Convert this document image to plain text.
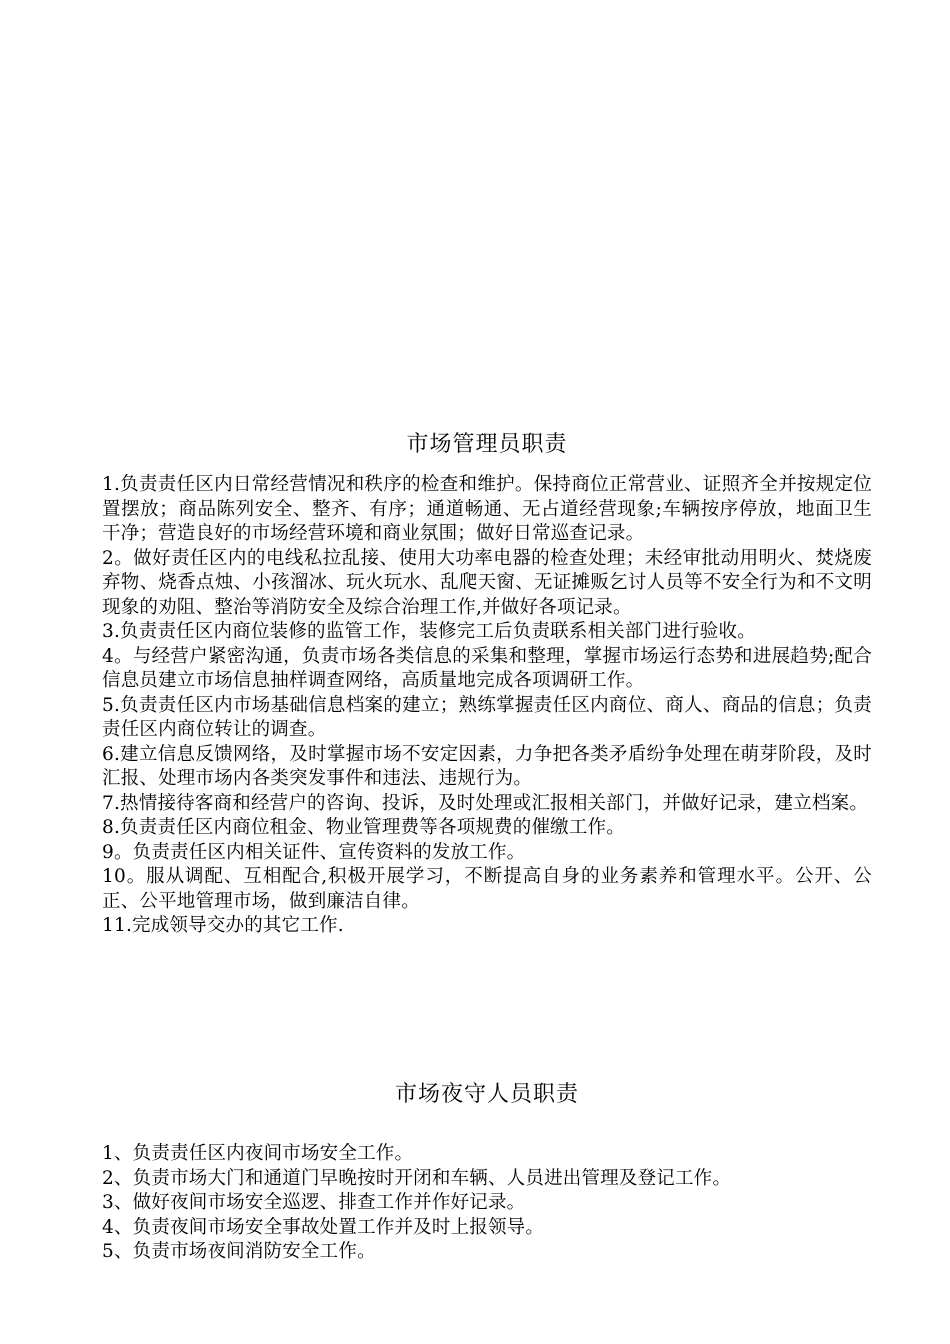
市场管理员职责

1.负责责任区内日常经营情况和秩序的检查和维护。保持商位正常营业、证照齐全并按规定位置摆放；商品陈列安全、整齐、有序；通道畅通、无占道经营现象;车辆按序停放，地面卫生干净；营造良好的市场经营环境和商业氛围；做好日常巡查记录。

2。做好责任区内的电线私拉乱接、使用大功率电器的检查处理；未经审批动用明火、焚烧废弃物、烧香点烛、小孩溜冰、玩火玩水、乱爬天窗、无证摊贩乞讨人员等不安全行为和不文明现象的劝阻、整治等消防安全及综合治理工作,并做好各项记录。

3.负责责任区内商位装修的监管工作，装修完工后负责联系相关部门进行验收。

4。与经营户紧密沟通，负责市场各类信息的采集和整理，掌握市场运行态势和进展趋势;配合信息员建立市场信息抽样调查网络，高质量地完成各项调研工作。

5.负责责任区内市场基础信息档案的建立；熟练掌握责任区内商位、商人、商品的信息；负责责任区内商位转让的调查。

6.建立信息反馈网络，及时掌握市场不安定因素，力争把各类矛盾纷争处理在萌芽阶段，及时汇报、处理市场内各类突发事件和违法、违规行为。

7.热情接待客商和经营户的咨询、投诉，及时处理或汇报相关部门，并做好记录，建立档案。

8.负责责任区内商位租金、物业管理费等各项规费的催缴工作。

9。负责责任区内相关证件、宣传资料的发放工作。

10。服从调配、互相配合,积极开展学习，不断提高自身的业务素养和管理水平。公开、公正、公平地管理市场，做到廉洁自律。

11.完成领导交办的其它工作.

市场夜守人员职责

1、负责责任区内夜间市场安全工作。

2、负责市场大门和通道门早晚按时开闭和车辆、人员进出管理及登记工作。

3、做好夜间市场安全巡逻、排查工作并作好记录。

4、负责夜间市场安全事故处置工作并及时上报领导。

5、负责市场夜间消防安全工作。
